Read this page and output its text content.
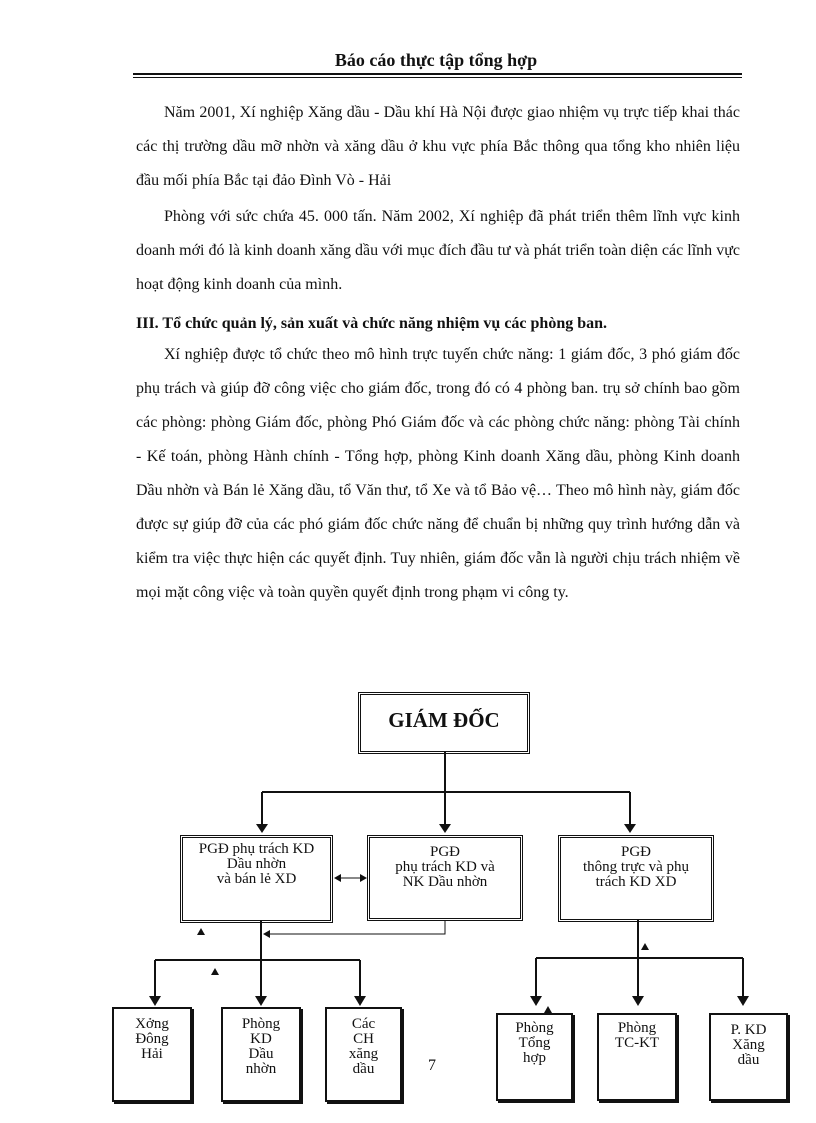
Báo cáo thực tập tổng hợp

Năm 2001, Xí nghiệp Xăng dầu - Dầu khí Hà Nội được giao nhiệm vụ trực tiếp khai thác các thị trường dầu mỡ nhờn và xăng dầu ở khu vực phía Bắc thông qua tổng kho nhiên liệu đầu mối phía Bắc tại đảo Đình Vò - Hải

Phòng với sức chứa 45. 000 tấn. Năm 2002, Xí nghiệp đã phát triển thêm lĩnh vực kinh doanh mới đó là kinh doanh xăng dầu với mục đích đầu tư và phát triển toàn diện các lĩnh vực hoạt động kinh doanh của mình.

III. Tổ chức quản lý, sản xuất và chức năng nhiệm vụ các phòng ban.

Xí nghiệp được tổ chức theo mô hình trực tuyến chức năng: 1 giám đốc, 3 phó giám đốc phụ trách và giúp đỡ công việc cho giám đốc, trong đó có 4 phòng ban. trụ sở chính bao gồm các phòng: phòng Giám đốc, phòng Phó Giám đốc và các phòng chức năng: phòng Tài chính - Kế toán, phòng Hành chính - Tổng hợp, phòng Kinh doanh Xăng dầu, phòng Kinh doanh Dầu nhờn và Bán lẻ Xăng dầu, tổ Văn thư, tổ Xe và tổ Bảo vệ… Theo mô hình này, giám đốc được sự giúp đỡ của các phó giám đốc chức năng để chuẩn bị những quy trình hướng dẫn và kiểm tra việc thực hiện các quyết định. Tuy nhiên, giám đốc vẫn là người chịu trách nhiệm về mọi mặt công việc và toàn quyền quyết định trong phạm vi công ty.

GIÁM ĐỐC
PGĐ phụ trách KD
Dầu nhờn
và bán lẻ XD
PGĐ
phụ trách KD và
NK Dầu nhờn
PGĐ
thông trực và phụ
trách KD XD
Xởng
Đông
Hải
Phòng
KD
Dầu
nhờn
Các
CH
xăng
dầu
Phòng
Tổng
hợp
Phòng
TC-KT
P. KD
Xăng
dầu
7
